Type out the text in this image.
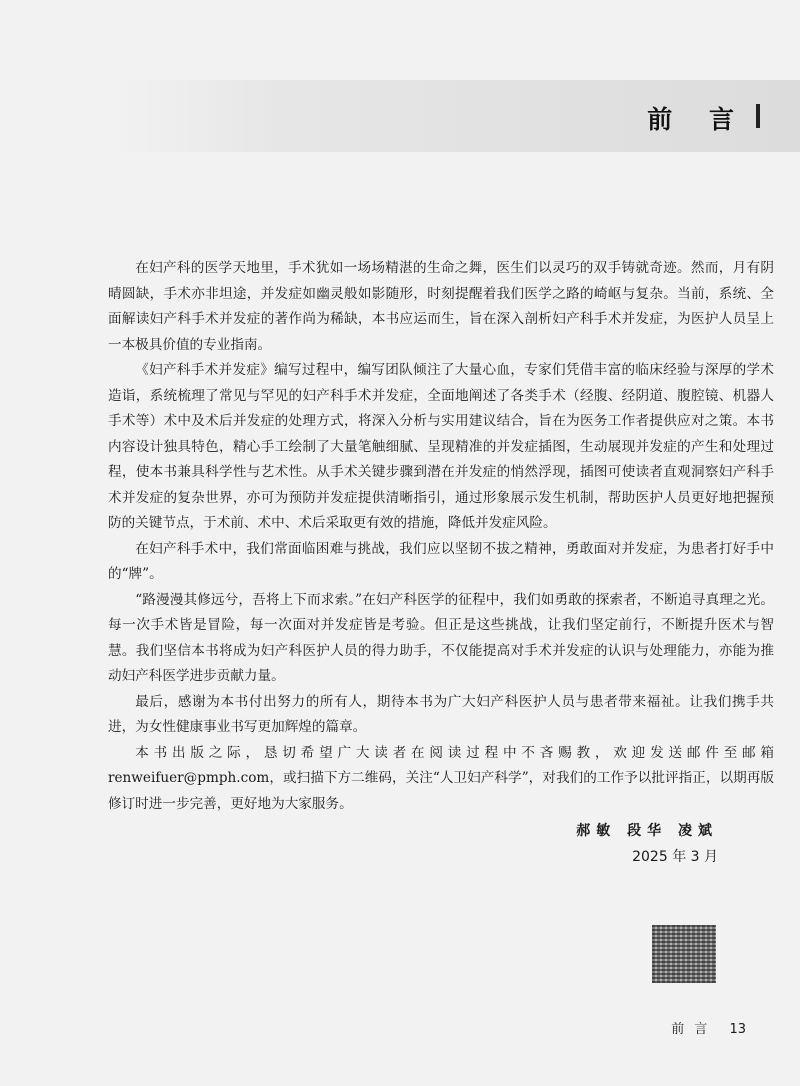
前 言

在妇产科的医学天地里，手术犹如一场场精湛的生命之舞，医生们以灵巧的双手铸就奇迹。然而，月有阴晴圆缺，手术亦非坦途，并发症如幽灵般如影随形，时刻提醒着我们医学之路的崎岖与复杂。当前，系统、全面解读妇产科手术并发症的著作尚为稀缺，本书应运而生，旨在深入剖析妇产科手术并发症，为医护人员呈上一本极具价值的专业指南。

《妇产科手术并发症》编写过程中，编写团队倾注了大量心血，专家们凭借丰富的临床经验与深厚的学术造诣，系统梳理了常见与罕见的妇产科手术并发症，全面地阐述了各类手术（经腹、经阴道、腹腔镜、机器人手术等）术中及术后并发症的处理方式，将深入分析与实用建议结合，旨在为医务工作者提供应对之策。本书内容设计独具特色，精心手工绘制了大量笔触细腻、呈现精准的并发症插图，生动展现并发症的产生和处理过程，使本书兼具科学性与艺术性。从手术关键步骤到潜在并发症的悄然浮现，插图可使读者直观洞察妇产科手术并发症的复杂世界，亦可为预防并发症提供清晰指引，通过形象展示发生机制，帮助医护人员更好地把握预防的关键节点，于术前、术中、术后采取更有效的措施，降低并发症风险。

在妇产科手术中，我们常面临困难与挑战，我们应以坚韧不拔之精神，勇敢面对并发症，为患者打好手中的“牌”。

“路漫漫其修远兮，吾将上下而求索。”在妇产科医学的征程中，我们如勇敢的探索者，不断追寻真理之光。每一次手术皆是冒险，每一次面对并发症皆是考验。但正是这些挑战，让我们坚定前行，不断提升医术与智慧。我们坚信本书将成为妇产科医护人员的得力助手，不仅能提高对手术并发症的认识与处理能力，亦能为推动妇产科医学进步贡献力量。

最后，感谢为本书付出努力的所有人，期待本书为广大妇产科医护人员与患者带来福祉。让我们携手共进，为女性健康事业书写更加辉煌的篇章。

本书出版之际，恳切希望广大读者在阅读过程中不吝赐教，欢迎发送邮件至邮箱 renweifuer@pmph.com，或扫描下方二维码，关注“人卫妇产科学”，对我们的工作予以批评指正，以期再版修订时进一步完善，更好地为大家服务。

郝敏 段华 凌斌
2025 年 3 月
前言 13
